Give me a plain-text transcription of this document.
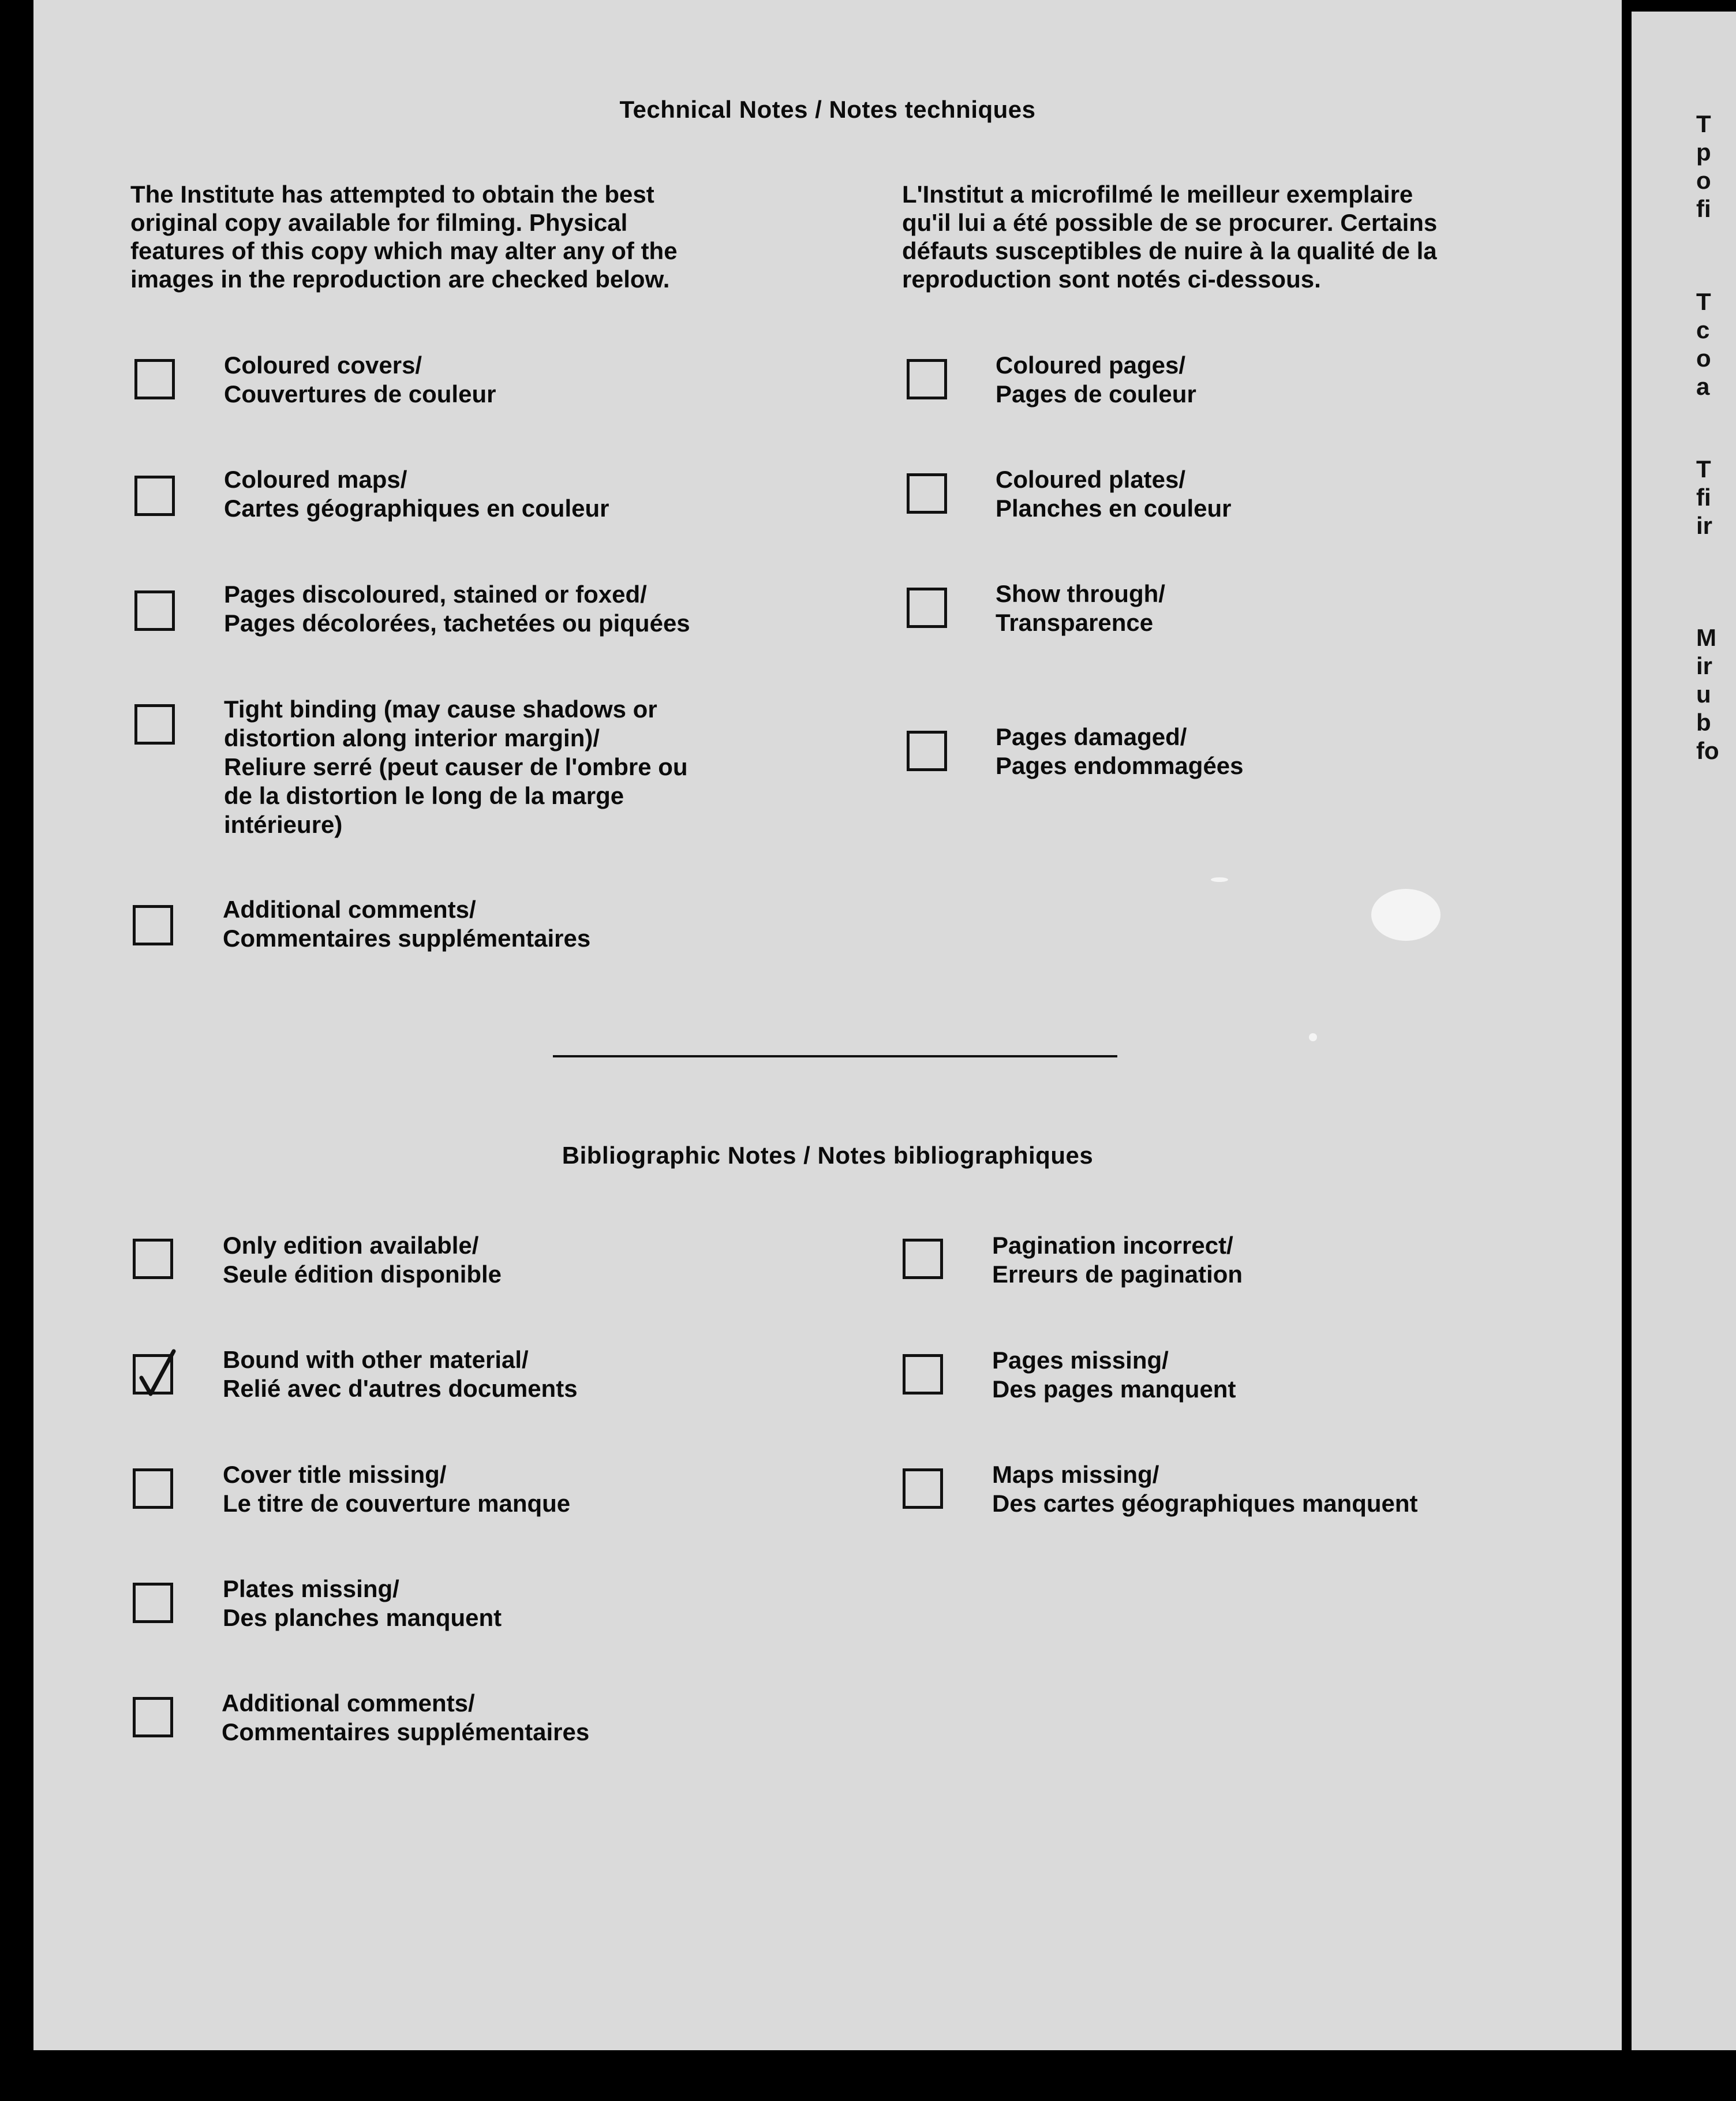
Technical Notes / Notes techniques

The Institute has attempted to obtain the best
original copy available for filming. Physical
features of this copy which may alter any of the
images in the reproduction are checked below.

L'Institut a microfilmé le meilleur exemplaire
qu'il lui a été possible de se procurer. Certains
défauts susceptibles de nuire à la qualité de la
reproduction sont notés ci-dessous.

Coloured covers/
Couvertures de couleur

Coloured maps/
Cartes géographiques en couleur

Pages discoloured, stained or foxed/
Pages décolorées, tachetées ou piquées

Tight binding (may cause shadows or
distortion along interior margin)/
Reliure serré (peut causer de l'ombre ou
de la distortion le long de la marge
intérieure)

Additional comments/
Commentaires supplémentaires

Coloured pages/
Pages de couleur

Coloured plates/
Planches en couleur

Show through/
Transparence

Pages damaged/
Pages endommagées

Bibliographic Notes / Notes bibliographiques

Only edition available/
Seule édition disponible

Bound with other material/
Relié avec d'autres documents

Cover title missing/
Le titre de couverture manque

Plates missing/
Des planches manquent

Additional comments/
Commentaires supplémentaires

Pagination incorrect/
Erreurs de pagination

Pages missing/
Des pages manquent

Maps missing/
Des cartes géographiques manquent

T
p
o
fi
T
c
o
a
T
fi
ir
M
ir
u
b
fo
